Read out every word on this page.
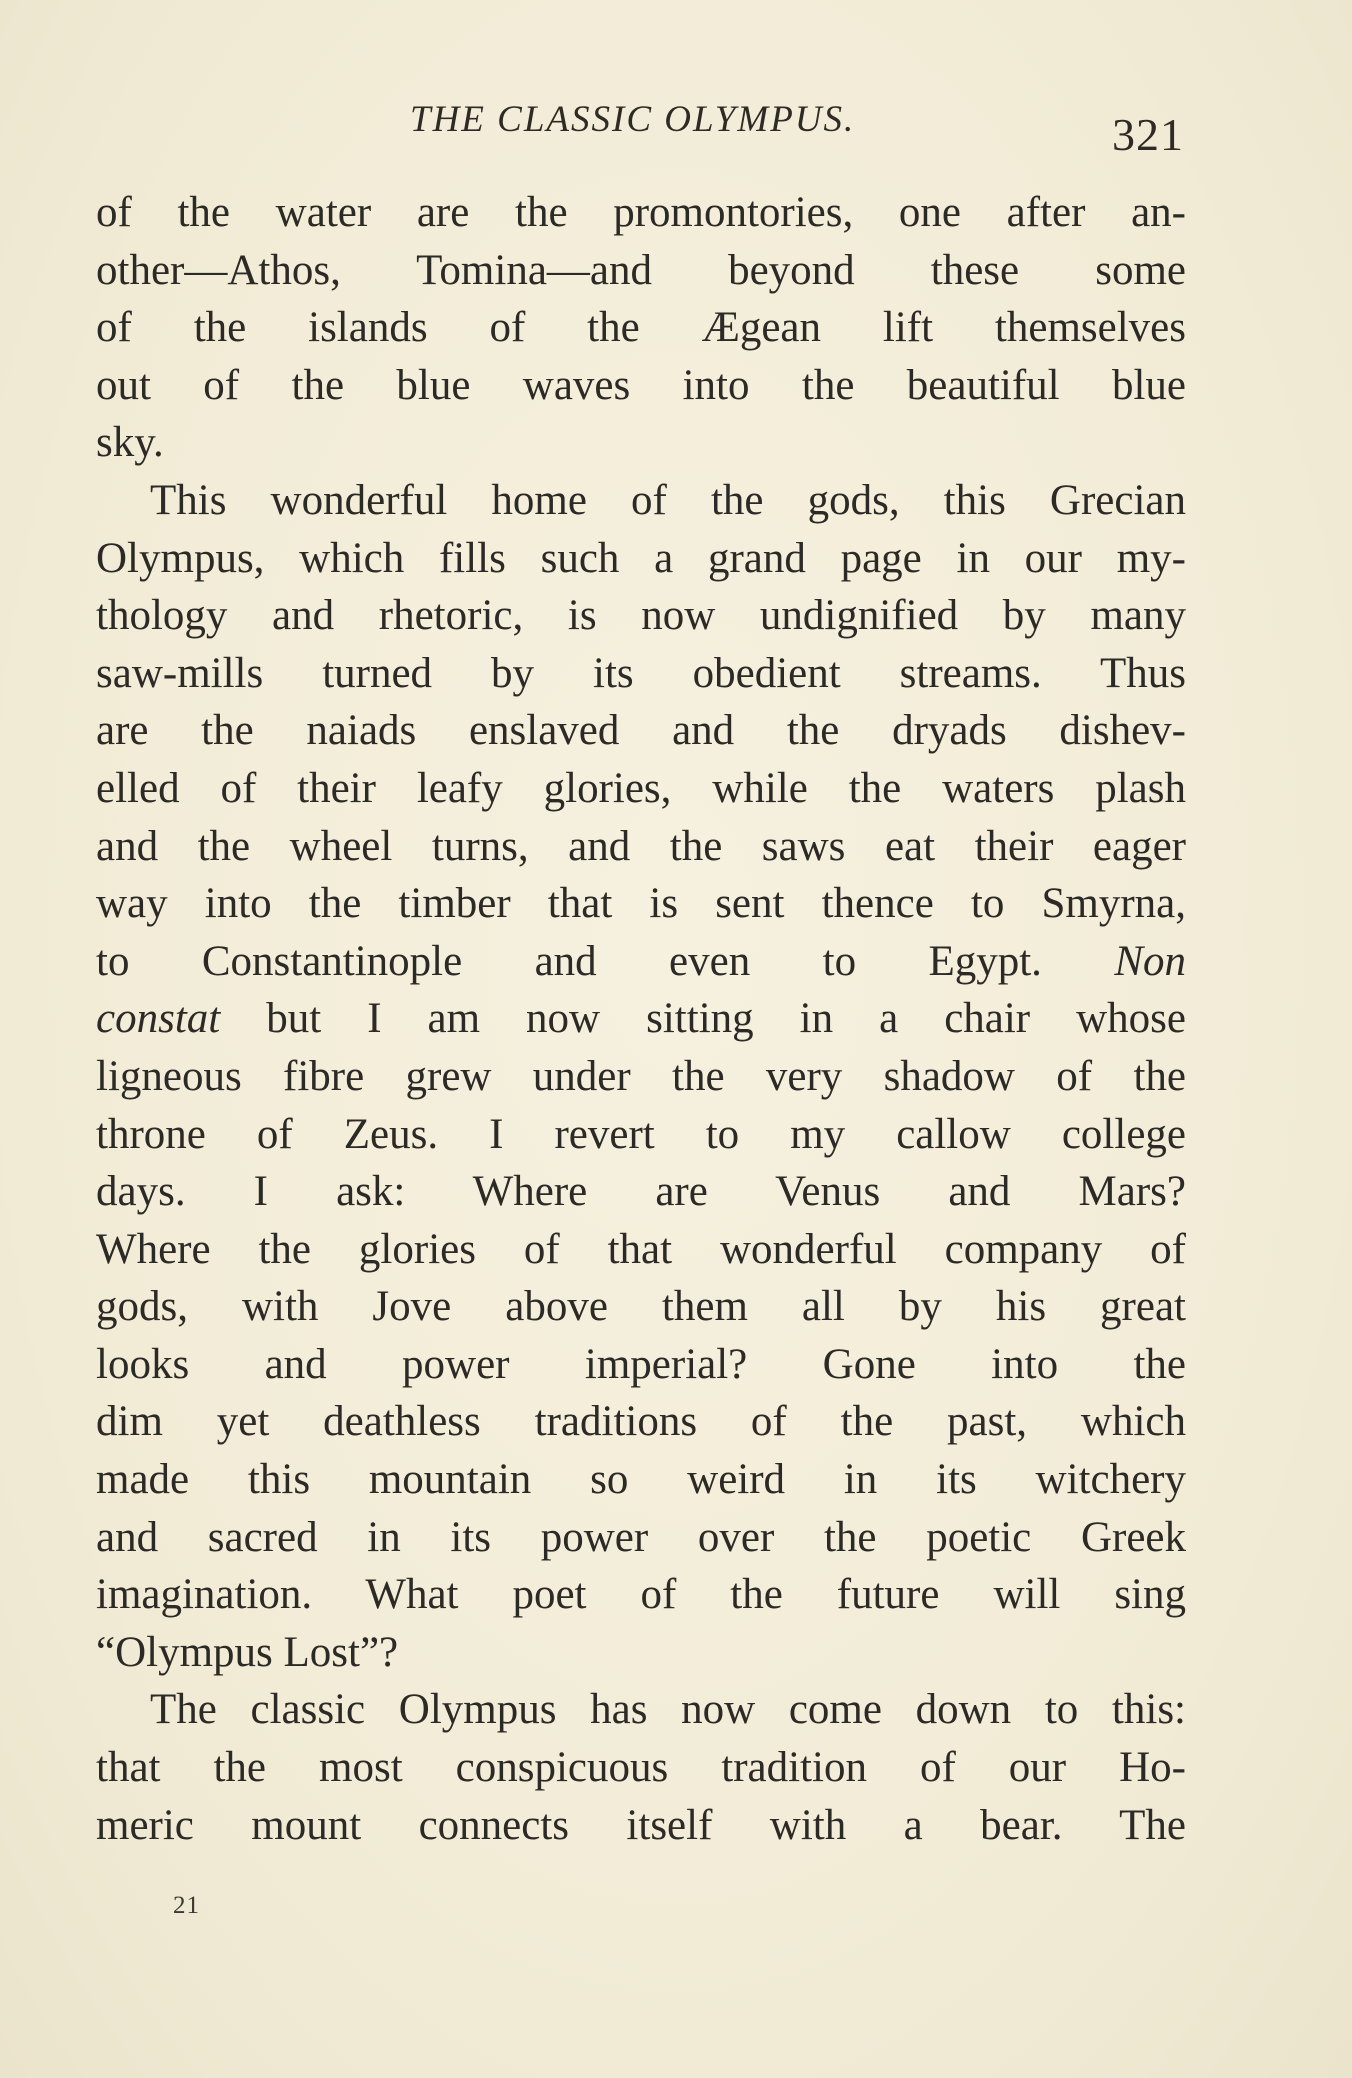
THE CLASSIC OLYMPUS.	321
of the water are the promontories, one after an-
other—Athos, Tomina—and beyond these some
of the islands of the Ægean lift themselves
out of the blue waves into the beautiful blue
sky.
This wonderful home of the gods, this Grecian
Olympus, which fills such a grand page in our my-
thology and rhetoric, is now undignified by many
saw-mills turned by its obedient streams. Thus
are the naiads enslaved and the dryads dishev-
elled of their leafy glories, while the waters plash
and the wheel turns, and the saws eat their eager
way into the timber that is sent thence to Smyrna,
to Constantinople and even to Egypt. Non
constat but I am now sitting in a chair whose
ligneous fibre grew under the very shadow of the
throne of Zeus. I revert to my callow college
days. I ask: Where are Venus and Mars?
Where the glories of that wonderful company of
gods, with Jove above them all by his great
looks and power imperial? Gone into the
dim yet deathless traditions of the past, which
made this mountain so weird in its witchery
and sacred in its power over the poetic Greek
imagination. What poet of the future will sing
“Olympus Lost”?
The classic Olympus has now come down to this:
that the most conspicuous tradition of our Ho-
meric mount connects itself with a bear. The
21
